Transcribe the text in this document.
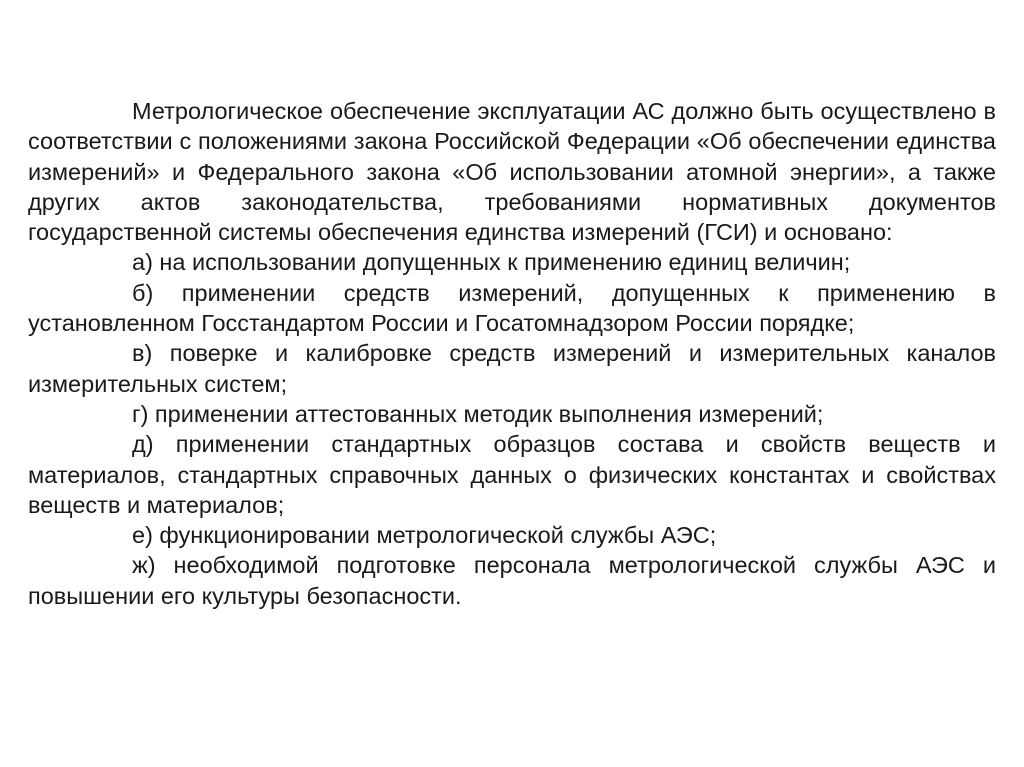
Метрологическое обеспечение эксплуатации АС должно быть осуществлено в соответствии с положениями закона Российской Федерации «Об обеспечении единства измерений» и Федерального закона «Об использовании атомной энергии», а также других актов законодательства, требованиями нормативных документов государственной системы обеспечения единства измерений (ГСИ) и основано:

а) на использовании допущенных к применению единиц величин;

б) применении средств измерений, допущенных к применению в установленном Госстандартом России и Госатомнадзором России порядке;

в) поверке и калибровке средств измерений и измерительных каналов измерительных систем;

г) применении аттестованных методик выполнения измерений;

д) применении стандартных образцов состава и свойств веществ и материалов, стандартных справочных данных о физических константах и свойствах веществ и материалов;

е) функционировании метрологической службы АЭС;

ж) необходимой подготовке персонала метрологической службы АЭС и повышении его культуры безопасности.
